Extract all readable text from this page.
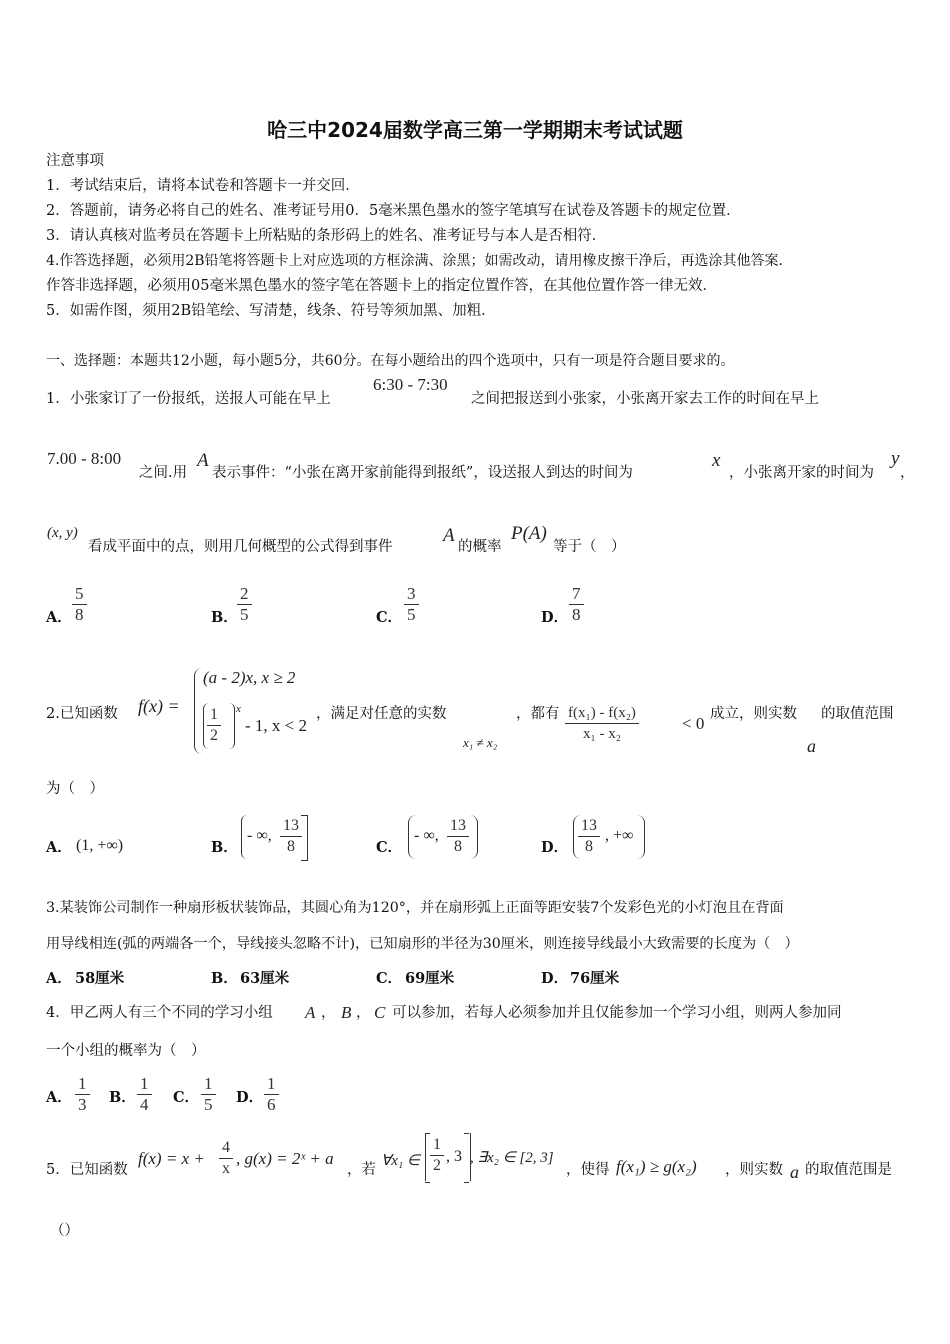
哈三中2024届数学高三第一学期期末考试试题
注意事项
1．考试结束后，请将本试卷和答题卡一并交回．
2．答题前，请务必将自己的姓名、准考证号用0．5毫米黑色墨水的签字笔填写在试卷及答题卡的规定位置．
3．请认真核对监考员在答题卡上所粘贴的条形码上的姓名、准考证号与本人是否相符．
4.作答选择题，必须用2B铅笔将答题卡上对应选项的方框涂满、涂黑；如需改动，请用橡皮擦干净后，再选涂其他答案．
作答非选择题，必须用05毫米黑色墨水的签字笔在答题卡上的指定位置作答，在其他位置作答一律无效．
5．如需作图，须用2B铅笔绘、写清楚，线条、符号等须加黑、加粗．
一、选择题：本题共12小题，每小题5分，共60分。在每小题给出的四个选项中，只有一项是符合题目要求的。
1．小张家订了一份报纸，送报人可能在早上
6:30 - 7:30
之间把报送到小张家，小张离开家去工作的时间在早上
7.00 - 8:00
之间.用
A
表示事件：“小张在离开家前能得到报纸”，设送报人到达的时间为
x
，小张离开家的时间为
y
，
(x, y)
看成平面中的点，则用几何概型的公式得到事件
A
的概率
P(A)
等于（　）
A． $\frac{5}{8}$	B． $\frac{2}{5}$	C． $\frac{3}{5}$	D． $\frac{7}{8}$
2.已知函数 f(x) =
(a - 2)x, x ≥ 2
$\frac{1}{2}$ x
- 1, x < 2
，满足对任意的实数
x₁ ≠ x₂
，都有 $\frac{\text{f(x₁) - f(x₂)}}{\text{x₁ - x₂}}$	< 0 成立，则实数
a
的取值范围
为（　）
A． (1, +∞)	B．
- ∞, $\frac{13}{8}$	C．
- ∞, $\frac{13}{8}$	D． $\frac{13}{8}$ , +∞
3.某装饰公司制作一种扇形板状装饰品，其圆心角为120°，并在扇形弧上正面等距安装7个发彩色光的小灯泡且在背面
用导线相连(弧的两端各一个，导线接头忽略不计)，已知扇形的半径为30厘米，则连接导线最小大致需要的长度为（　）
A． 58厘米	B． 63厘米	C． 69厘米	D． 76厘米
4．甲乙两人有三个不同的学习小组 A ， B ， C 可以参加，若每人必须参加并且仅能参加一个学习小组，则两人参加同
一个小组的概率为（　）
A． $\frac{1}{3}$ B． $\frac{1}{4}$ C． $\frac{1}{5}$ D． $\frac{1}{6}$
5．已知函数
$f(x) = x + \frac{4}{x}$ , g(x) = 2ˣ + a
，若
∀x₁ ∈ $\frac{1}{2}$ , 3 , ∃x₂ ∈ [2, 3]
，使得 f(x₁) ≥ g(x₂) ，则实数 a 的取值范围是
（）
